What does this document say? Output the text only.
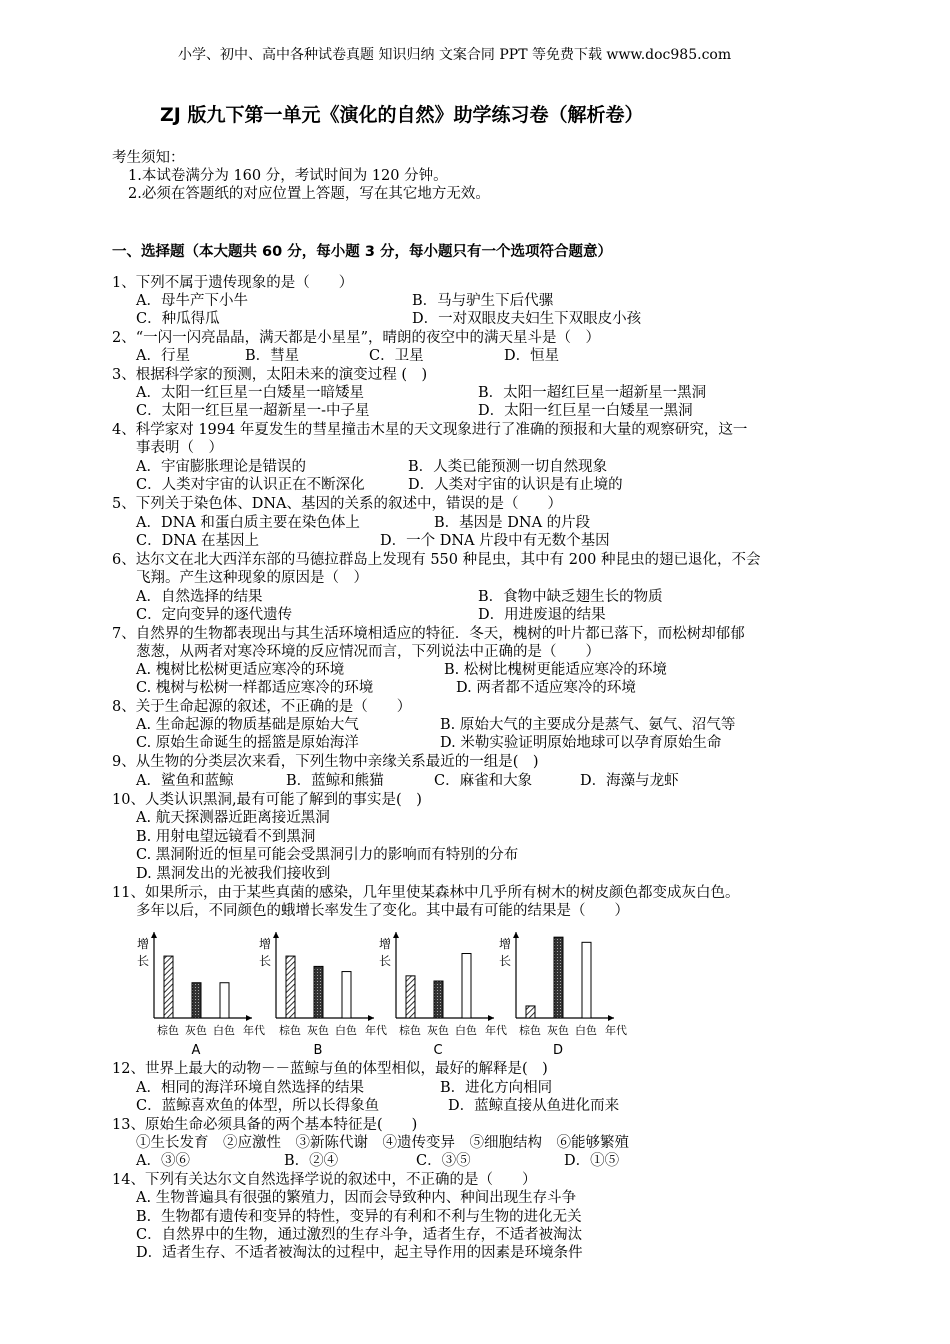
小学、初中、高中各种试卷真题 知识归纳 文案合同 PPT 等免费下载 www.doc985.com
ZJ 版九下第一单元《演化的自然》助学练习卷（解析卷）
考生须知：
1.本试卷满分为 160 分，考试时间为 120 分钟。
2.必须在答题纸的对应位置上答题，写在其它地方无效。
一、选择题（本大题共 60 分，每小题 3 分，每小题只有一个选项符合题意）
1、下列不属于遗传现象的是（　　）
A．母牛产下小牛	B．马与驴生下后代骡
C．种瓜得瓜	D．一对双眼皮夫妇生下双眼皮小孩
2、“一闪一闪亮晶晶，满天都是小星星”，晴朗的夜空中的满天星斗是（　）
A．行星	B．彗星	C．卫星	D．恒星
3、根据科学家的预测，太阳未来的演变过程 (　)
A．太阳一红巨星一白矮星一暗矮星	B．太阳一超红巨星一超新星一黑洞
C．太阳一红巨星一超新星一-中子星	D．太阳一红巨星一白矮星一黑洞
4、科学家对 1994 年夏发生的彗星撞击木星的天文现象进行了准确的预报和大量的观察研究，这一
事表明（　）
A．宇宙膨胀理论是错误的	B．人类已能预测一切自然现象
C．人类对宇宙的认识正在不断深化	D．人类对宇宙的认识是有止境的
5、下列关于染色体、DNA、基因的关系的叙述中，错误的是（　　）
A．DNA 和蛋白质主要在染色体上	B．基因是 DNA 的片段
C．DNA 在基因上	D．一个 DNA 片段中有无数个基因
6、达尔文在北大西洋东部的马德拉群岛上发现有 550 种昆虫，其中有 200 种昆虫的翅已退化，不会
飞翔。产生这种现象的原因是（　）
A．自然选择的结果	B．食物中缺乏翅生长的物质
C．定向变异的逐代遗传	D．用进废退的结果
7、自然界的生物都表现出与其生活环境相适应的特征．冬天，槐树的叶片都已落下，而松树却郁郁
葱葱，从两者对寒冷环境的反应情况而言，下列说法中正确的是（　　）
A. 槐树比松树更适应寒冷的环境	B. 松树比槐树更能适应寒冷的环境
C. 槐树与松树一样都适应寒冷的环境	D. 两者都不适应寒冷的环境
8、关于生命起源的叙述，不正确的是（　　）
A. 生命起源的物质基础是原始大气	B. 原始大气的主要成分是蒸气、氨气、沼气等
C. 原始生命诞生的摇篮是原始海洋	D. 米勒实验证明原始地球可以孕育原始生命
9、从生物的分类层次来看，下列生物中亲缘关系最近的一组是(　)
A．鲨鱼和蓝鲸	B．蓝鲸和熊猫	C．麻雀和大象	D．海藻与龙虾
10、人类认识黑洞,最有可能了解到的事实是(　)
A. 航天探测器近距离接近黑洞
B. 用射电望远镜看不到黑洞
C. 黑洞附近的恒星可能会受黑洞引力的影响而有特别的分布
D. 黑洞发出的光被我们接收到
11、如果所示，由于某些真菌的感染，几年里使某森林中几乎所有树木的树皮颜色都变成灰白色。
多年以后，不同颜色的蛾增长率发生了变化。其中最有可能的结果是（　　）
增长
棕色 灰色 白色 年代
A
增长
棕色 灰色 白色 年代
B
增长
棕色 灰色 白色 年代
C
增长
棕色 灰色 白色 年代
D
12、世界上最大的动物－－蓝鲸与鱼的体型相似，最好的解释是(　)
A．相同的海洋环境自然选择的结果	B．进化方向相同
C．蓝鲸喜欢鱼的体型，所以长得象鱼	D．蓝鲸直接从鱼进化而来
13、原始生命必须具备的两个基本特征是(　　)
①生长发育　②应激性　③新陈代谢　④遗传变异　⑤细胞结构　⑥能够繁殖
A．③⑥	B．②④	C．③⑤	D．①⑤
14、下列有关达尔文自然选择学说的叙述中，不正确的是（　　）
A. 生物普遍具有很强的繁殖力，因而会导致种内、种间出现生存斗争
B．生物都有遗传和变异的特性，变异的有利和不利与生物的进化无关
C．自然界中的生物，通过激烈的生存斗争，适者生存，不适者被淘汰
D．适者生存、不适者被淘汰的过程中，起主导作用的因素是环境条件
